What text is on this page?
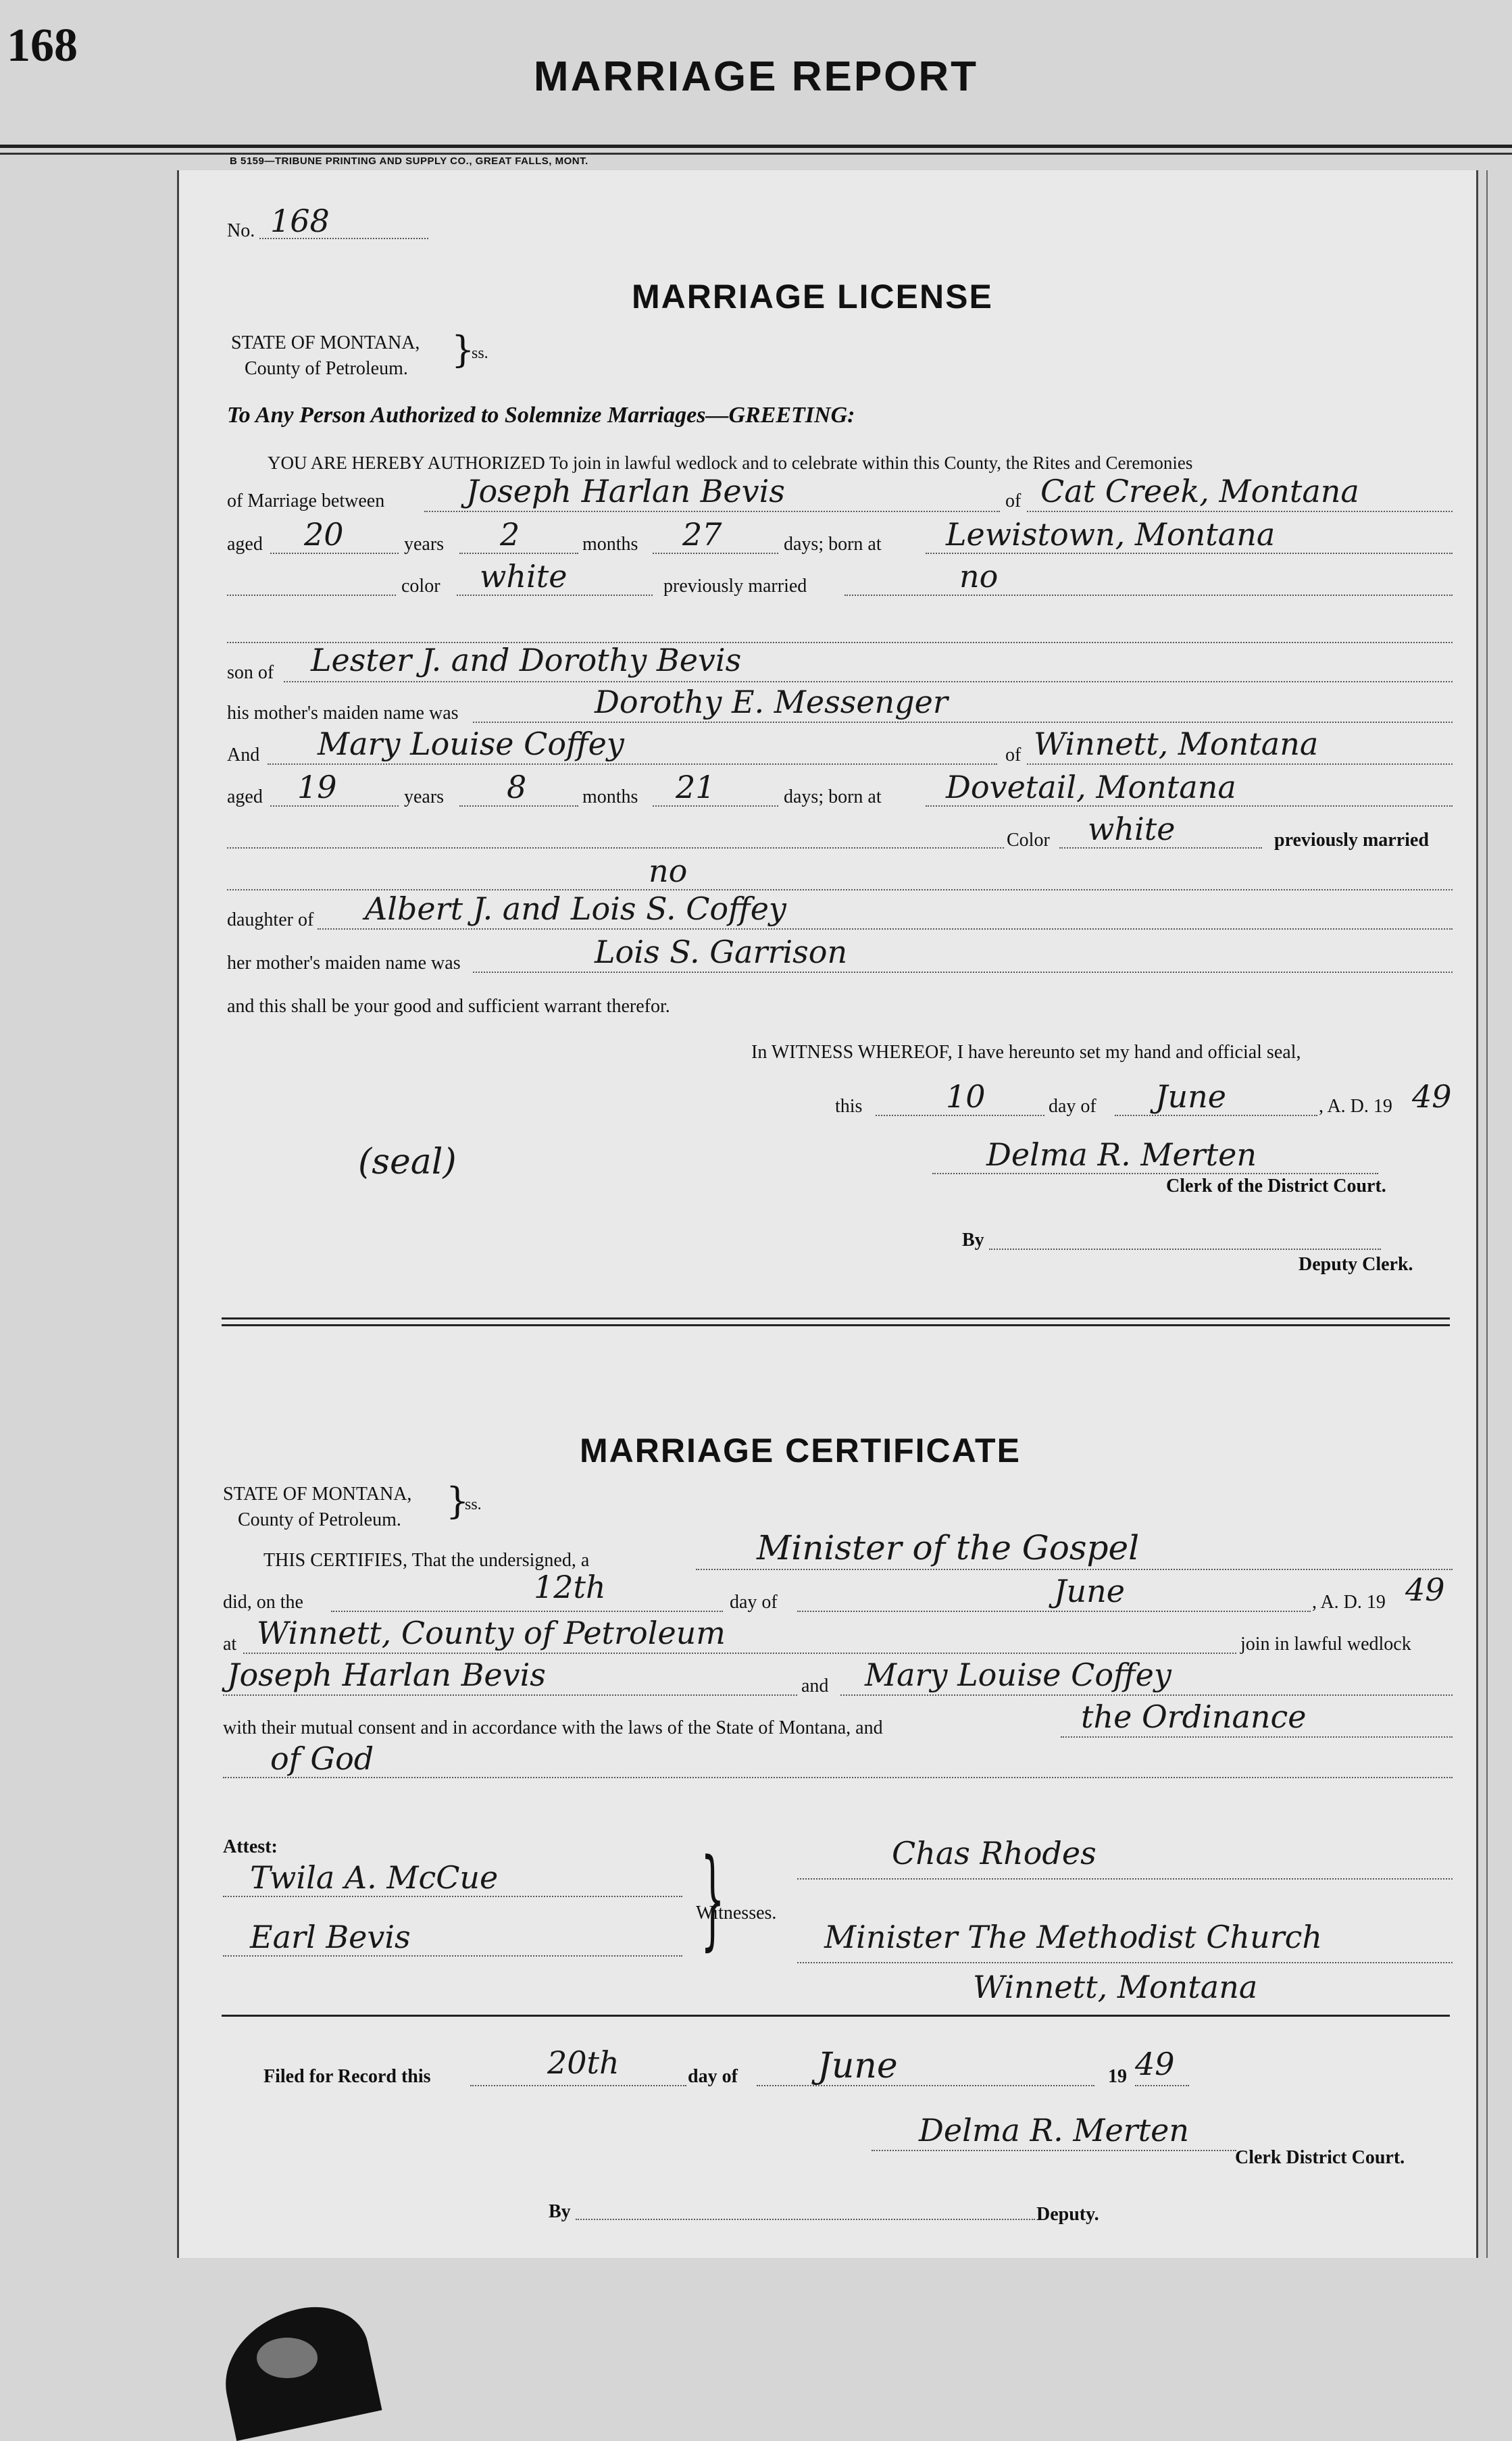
168
MARRIAGE REPORT
B 5159—TRIBUNE PRINTING AND SUPPLY CO., GREAT FALLS, MONT.
No. 168
MARRIAGE LICENSE
STATE OF MONTANA,
County of Petroleum. }
ss.
To Any Person Authorized to Solemnize Marriages—GREETING:
YOU ARE HEREBY AUTHORIZED To join in lawful wedlock and to celebrate within this County, the Rites and Ceremonies
of Marriage between	Joseph Harlan Bevis	of Cat Creek, Montana
aged 20	years 2	months 27	days; born at Lewistown, Montana
color white	previously married	no
son of Lester J. and Dorothy Bevis
his mother's maiden name was	Dorothy E. Messenger
And Mary Louise Coffey	of Winnett, Montana
aged 19	years 8	months 21	days; born at Dovetail, Montana
Color white	previously married
no
daughter of Albert J. and Lois S. Coffey
her mother's maiden name was	Lois S. Garrison
and this shall be your good and sufficient warrant therefor.
In WITNESS WHEREOF, I have hereunto set my hand and official seal,
this	10	day of June	, A. D. 19 49
(seal)	Delma R. Merten
Clerk of the District Court.
By
Deputy Clerk.
MARRIAGE CERTIFICATE
STATE OF MONTANA,
County of Petroleum. }
ss.
THIS CERTIFIES, That the undersigned, a	Minister of the Gospel
did, on the	12th	day of	June	, A. D. 19 49
at Winnett, County of Petroleum	join in lawful wedlock
Joseph Harlan Bevis	and Mary Louise Coffey
with their mutual consent and in accordance with the laws of the State of Montana, and	the Ordinance
of God
Attest:
Twila A. McCue
Earl Bevis	}
Witnesses.
Chas Rhodes
Minister The Methodist Church
Winnett, Montana
Filed for Record this	20th	day of June	19 49
Delma R. Merten
Clerk District Court.
By	Deputy.
